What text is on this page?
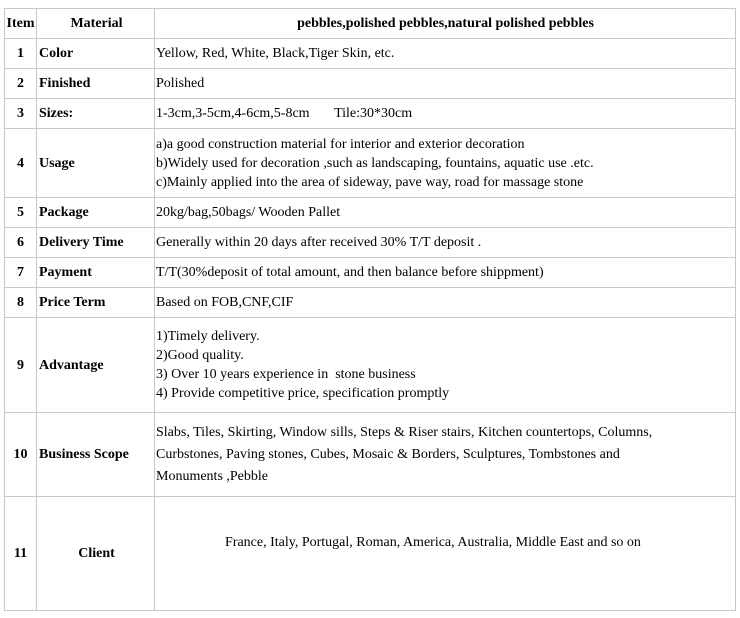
Item	Material	pebbles,polished pebbles,natural polished pebbles
1	Color	Yellow, Red, White, Black,Tiger Skin, etc.

2	Finished	Polished

3	Sizes:	1-3cm,3-5cm,4-6cm,5-8cm       Tile:30*30cm

4	Usage	a)a good construction material for interior and exterior decoration
b)Widely used for decoration ,such as landscaping, fountains, aquatic use .etc.
c)Mainly applied into the area of sideway, pave way, road for massage stone

5	Package	20kg/bag,50bags/ Wooden Pallet

6	Delivery Time	Generally within 20 days after received 30% T/T deposit .

7	Payment	T/T(30%deposit of total amount, and then balance before shippment)

8	Price Term	Based on FOB,CNF,CIF

9	Advantage	1)Timely delivery.
2)Good quality.
3) Over 10 years experience in  stone business
4) Provide competitive price, specification promptly

10	Business Scope	Slabs, Tiles, Skirting, Window sills, Steps & Riser stairs, Kitchen countertops, Columns,
Curbstones, Paving stones, Cubes, Mosaic & Borders, Sculptures, Tombstones and
Monuments ,Pebble

11	Client	France, Italy, Portugal, Roman, America, Australia, Middle East and so on
